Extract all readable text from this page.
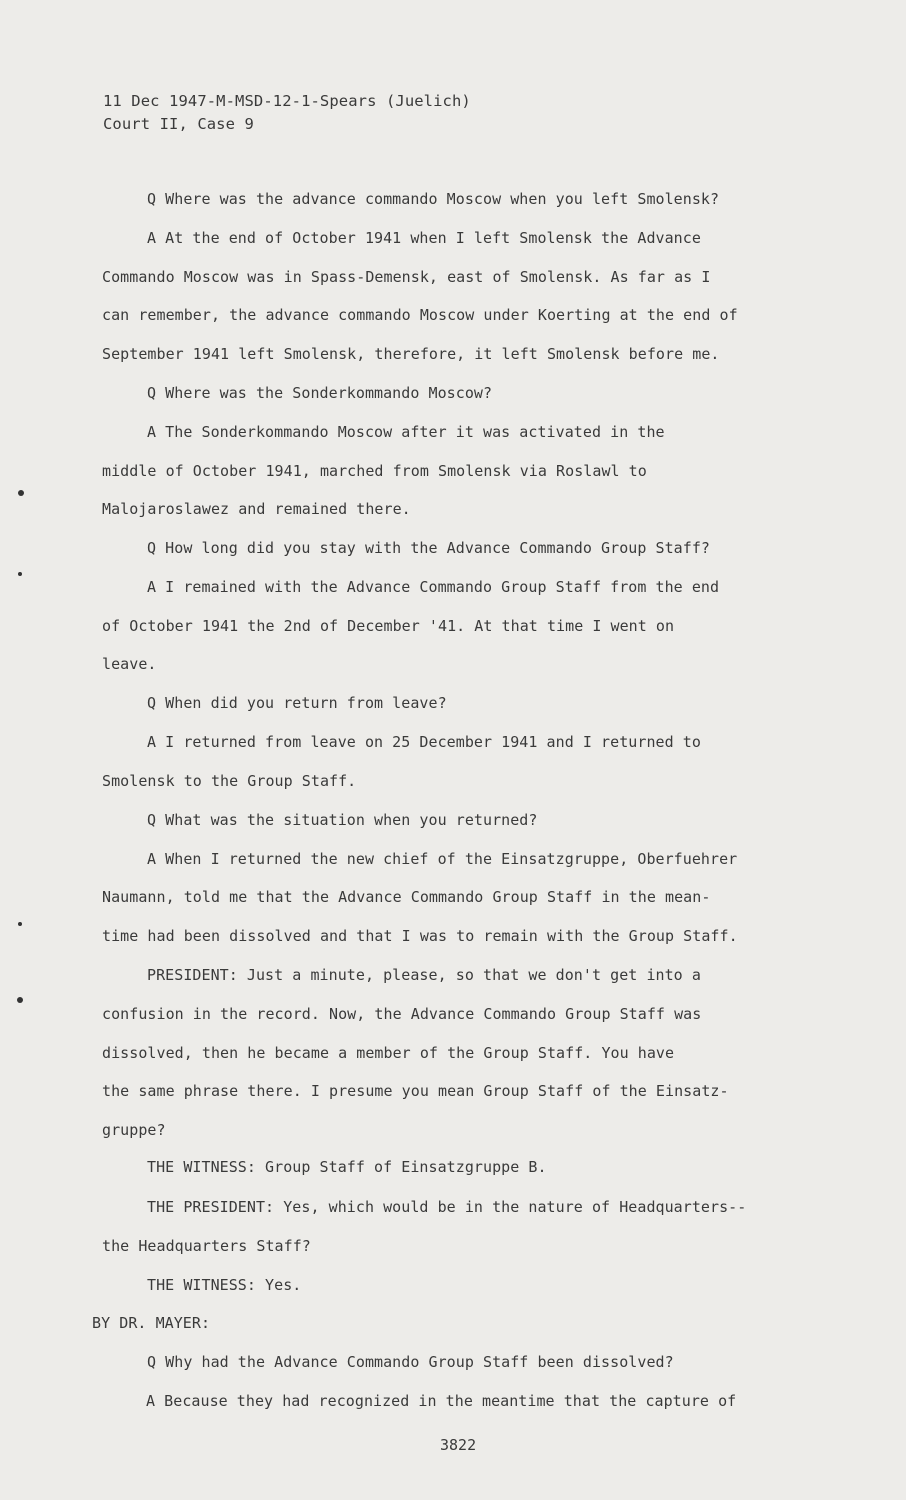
11 Dec 1947-M-MSD-12-1-Spears (Juelich)
Court II, Case 9
Q Where was the advance commando Moscow when you left Smolensk?
A At the end of October 1941 when I left Smolensk the Advance
Commando Moscow was in Spass-Demensk, east of Smolensk. As far as I
can remember, the advance commando Moscow under Koerting at the end of
September 1941 left Smolensk, therefore, it left Smolensk before me.
Q Where was the Sonderkommando Moscow?
A The Sonderkommando Moscow after it was activated in the
middle of October 1941, marched from Smolensk via Roslawl to
Malojaroslawez and remained there.
Q How long did you stay with the Advance Commando Group Staff?
A I remained with the Advance Commando Group Staff from the end
of October 1941 the 2nd of December '41. At that time I went on
leave.
Q When did you return from leave?
A I returned from leave on 25 December 1941 and I returned to
Smolensk to the Group Staff.
Q What was the situation when you returned?
A When I returned the new chief of the Einsatzgruppe, Oberfuehrer
Naumann, told me that the Advance Commando Group Staff in the mean-
time had been dissolved and that I was to remain with the Group Staff.
PRESIDENT: Just a minute, please, so that we don't get into a
confusion in the record. Now, the Advance Commando Group Staff was
dissolved, then he became a member of the Group Staff. You have
the same phrase there. I presume you mean Group Staff of the Einsatz-
gruppe?
THE WITNESS: Group Staff of Einsatzgruppe B.
THE PRESIDENT: Yes, which would be in the nature of Headquarters--
the Headquarters Staff?
THE WITNESS: Yes.
BY DR. MAYER:
Q Why had the Advance Commando Group Staff been dissolved?
A Because they had recognized in the meantime that the capture of
3822
